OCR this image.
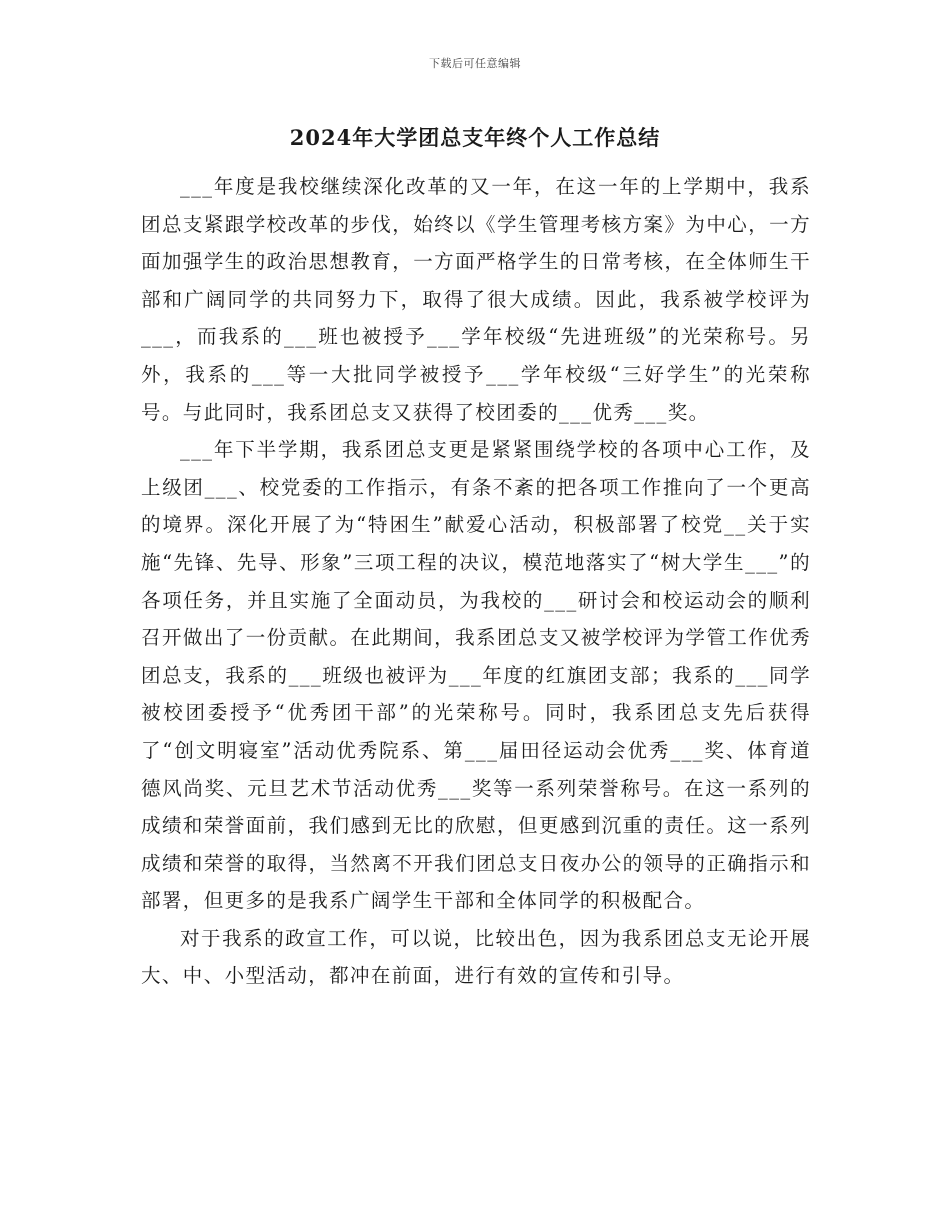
下载后可任意编辑
2024年大学团总支年终个人工作总结

___年度是我校继续深化改革的又一年，在这一年的上学期中，我系团总支紧跟学校改革的步伐，始终以《学生管理考核方案》为中心，一方面加强学生的政治思想教育，一方面严格学生的日常考核，在全体师生干部和广阔同学的共同努力下，取得了很大成绩。因此，我系被学校评为___，而我系的___班也被授予___学年校级“先进班级”的光荣称号。另外，我系的___等一大批同学被授予___学年校级“三好学生”的光荣称号。与此同时，我系团总支又获得了校团委的___优秀___奖。

___年下半学期，我系团总支更是紧紧围绕学校的各项中心工作，及上级团___、校党委的工作指示，有条不紊的把各项工作推向了一个更高的境界。深化开展了为“特困生”献爱心活动，积极部署了校党__关于实施“先锋、先导、形象”三项工程的决议，模范地落实了“树大学生___”的各项任务，并且实施了全面动员，为我校的___研讨会和校运动会的顺利召开做出了一份贡献。在此期间，我系团总支又被学校评为学管工作优秀团总支，我系的___班级也被评为___年度的红旗团支部；我系的___同学被校团委授予“优秀团干部”的光荣称号。同时，我系团总支先后获得了“创文明寝室”活动优秀院系、第___届田径运动会优秀___奖、体育道德风尚奖、元旦艺术节活动优秀___奖等一系列荣誉称号。在这一系列的成绩和荣誉面前，我们感到无比的欣慰，但更感到沉重的责任。这一系列成绩和荣誉的取得，当然离不开我们团总支日夜办公的领导的正确指示和部署，但更多的是我系广阔学生干部和全体同学的积极配合。

对于我系的政宣工作，可以说，比较出色，因为我系团总支无论开展大、中、小型活动，都冲在前面，进行有效的宣传和引导。
